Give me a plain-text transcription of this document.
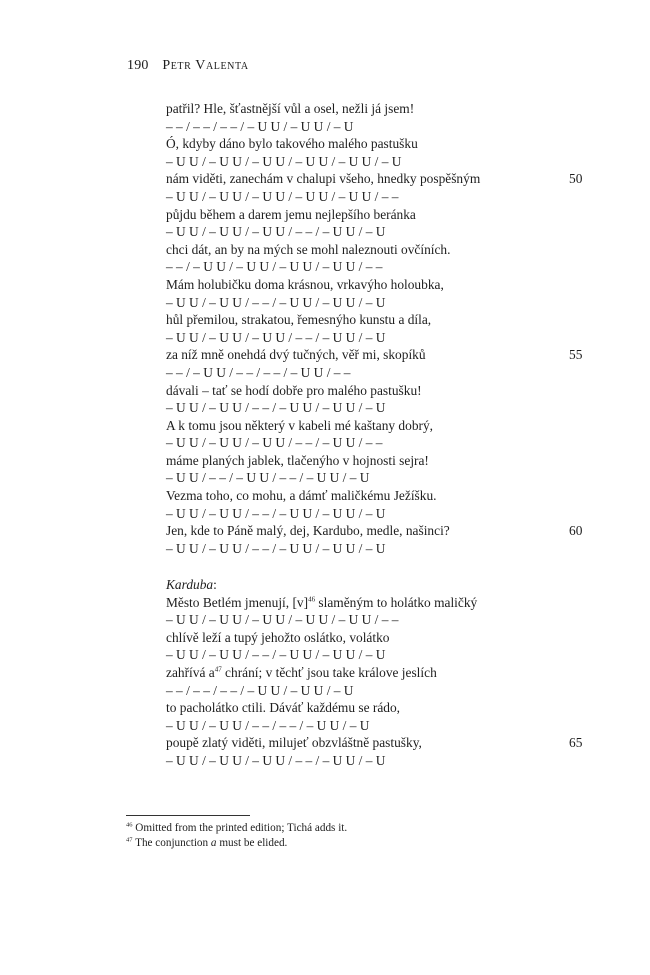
190 Petr Valenta
patřil? Hle, šťastnější vůl a osel, nežli já jsem!
– – / – – / – – / – U U / – U U / – U
Ó, kdyby dáno bylo takového malého pastušku
– U U / – U U / – U U / – U U / – U U / – U
nám viděti, zanechám v chalupi všeho, hnedky pospěšným	50
– U U / – U U / – U U / – U U / – U U / – –
půjdu během a darem jemu nejlepšího beránka
– U U / – U U / – U U / – – / – U U / – U
chci dát, an by na mých se mohl naleznouti ovčíních.
– – / – U U / – U U / – U U / – U U / – –
Mám holubičku doma krásnou, vrkavýho holoubka,
– U U / – U U / – – / – U U / – U U / – U
hůl přemilou, strakatou, řemesnýho kunstu a díla,
– U U / – U U / – U U / – – / – U U / – U
za níž mně onehdá dvý tučných, věř mi, skopíků	55
– – / – U U / – – / – – / – U U / – –
dávali – tať se hodí dobře pro malého pastušku!
– U U / – U U / – – / – U U / – U U / – U
A k tomu jsou některý v kabeli mé kaštany dobrý,
– U U / – U U / – U U / – – / – U U / – –
máme planých jablek, tlačenýho v hojnosti sejra!
– U U / – – / – U U / – – / – U U / – U
Vezma toho, co mohu, a dámť maličkému Ježíšku.
– U U / – U U / – – / – U U / – U U / – U
Jen, kde to Páně malý, dej, Kardubo, medle, našinci?	60
– U U / – U U / – – / – U U / – U U / – U
Karduba:
Město Betlém jmenují, $[v]^{46}$ slaměným to holátko maličký
– U U / – U U / – U U / – U U / – U U / – –
chlívě leží a tupý jehožto oslátko, volátko
– U U / – U U / – – / – U U / – U U / – U
zahřívá $a^{47}$ chrání; v těchť jsou take králove jeslích
– – / – – / – – / – U U / – U U / – U
to pacholátko ctili. Dáváť každému se rádo,
– U U / – U U / – – / – – / – U U / – U
poupě zlatý viděti, milujeť obzvláštně pastušky,	65
– U U / – U U / – U U / – – / – U U / – U
$^{46}$ Omitted from the printed edition; Tichá adds it.
$^{47}$ The conjunction a must be elided.
